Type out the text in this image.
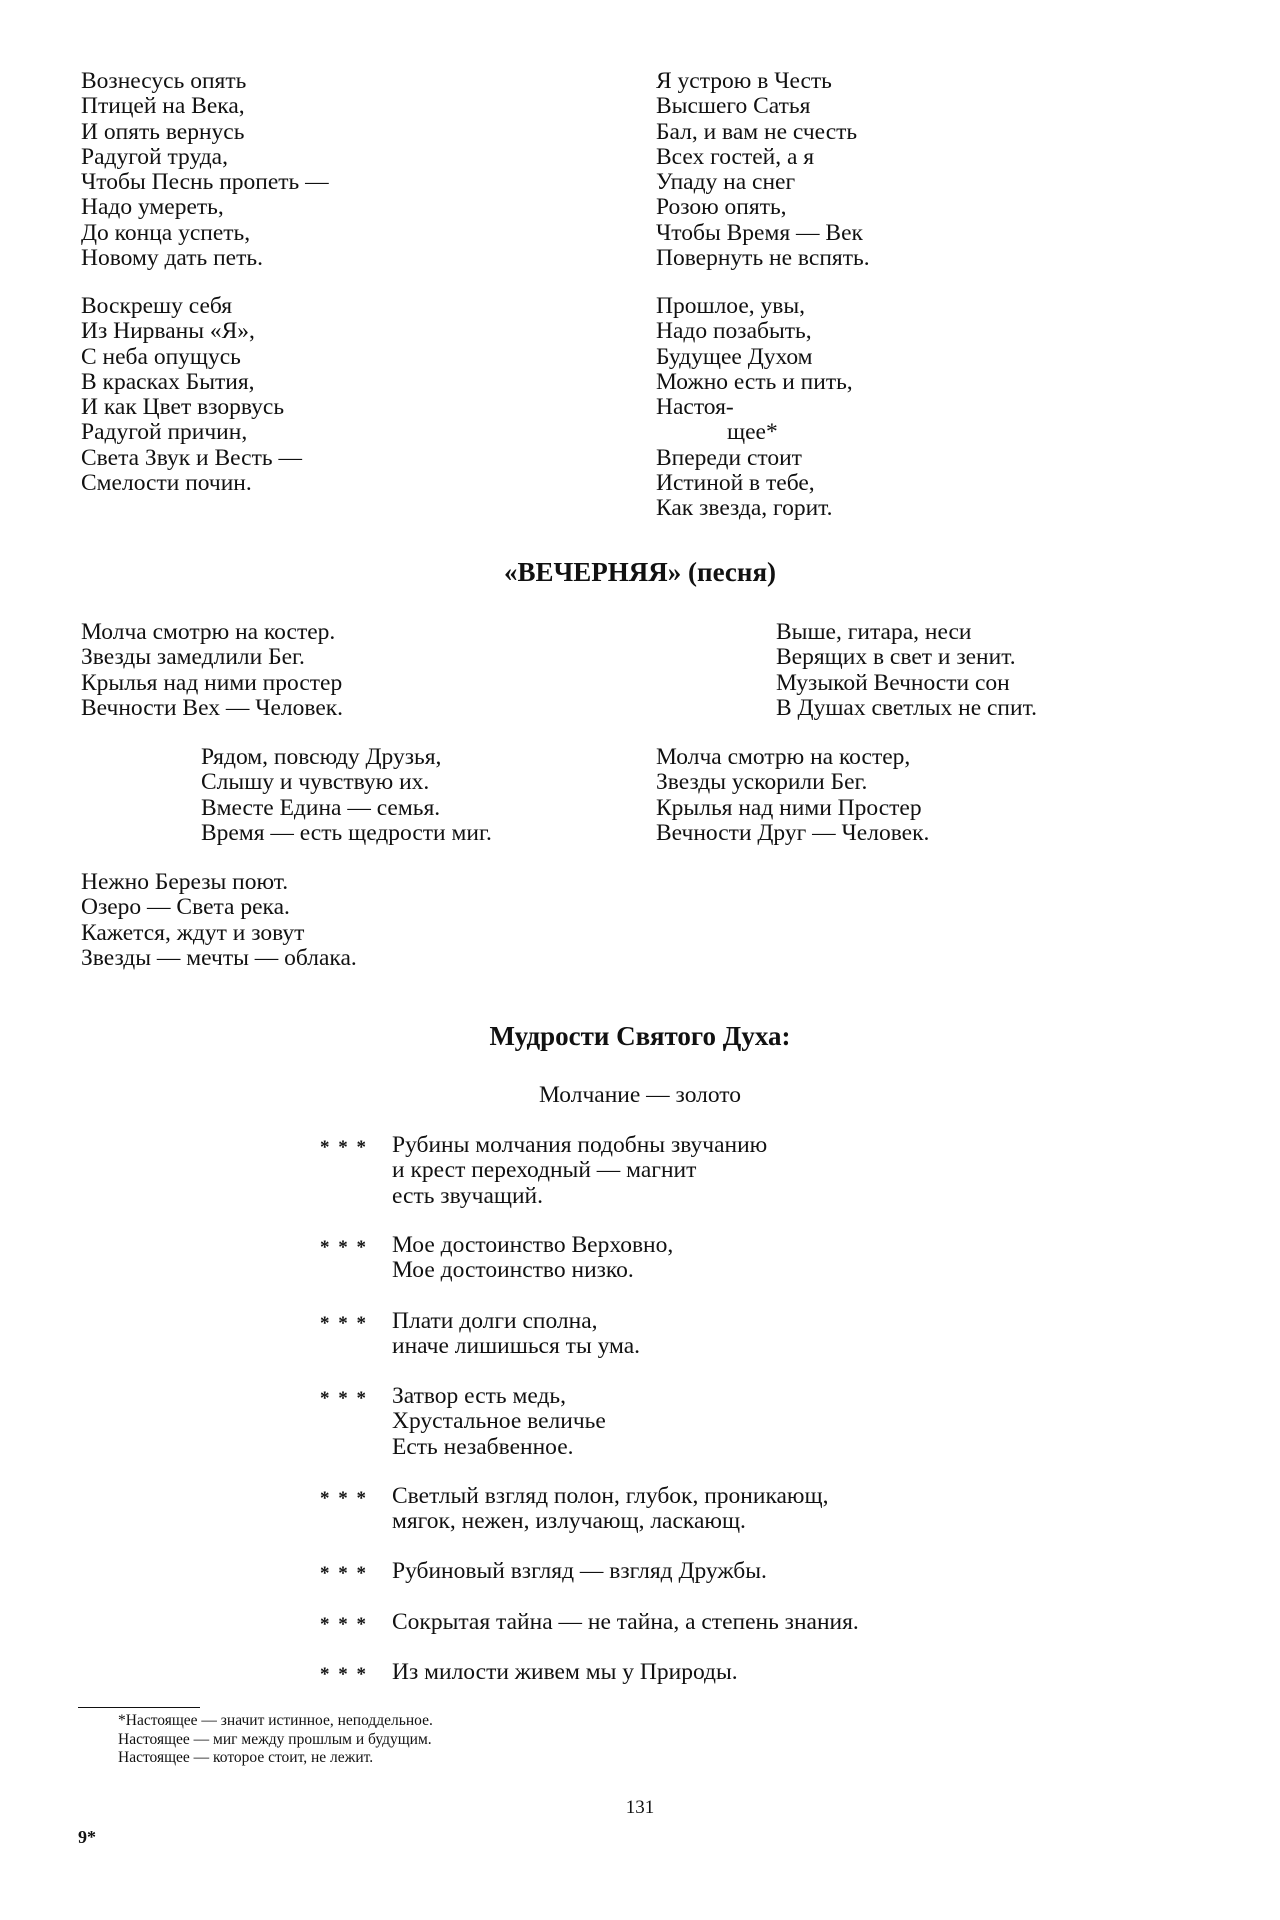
Вознесусь опять
Птицей на Века,
И опять вернусь
Радугой труда,
Чтобы Песнь пропеть —
Надо умереть,
До конца успеть,
Новому дать петь.
Воскрешу себя
Из Нирваны «Я»,
С неба опущусь
В красках Бытия,
И как Цвет взорвусь
Радугой причин,
Света Звук и Весть —
Смелости почин.
Я устрою в Честь
Высшего Сатья
Бал, и вам не счесть
Всех гостей, а я
Упаду на снег
Розою опять,
Чтобы Время — Век
Повернуть не вспять.
Прошлое, увы,
Надо позабыть,
Будущее Духом
Можно есть и пить,
Настоя-
щее*
Впереди стоит
Истиной в тебе,
Как звезда, горит.
«ВЕЧЕРНЯЯ» (песня)
Молча смотрю на костер.
Звезды замедлили Бег.
Крылья над ними простер
Вечности Вех — Человек.
Рядом, повсюду Друзья,
Слышу и чувствую их.
Вместе Едина — семья.
Время — есть щедрости миг.
Нежно Березы поют.
Озеро — Света река.
Кажется, ждут и зовут
Звезды — мечты — облака.
Выше, гитара, неси
Верящих в свет и зенит.
Музыкой Вечности сон
В Душах светлых не спит.
Молча смотрю на костер,
Звезды ускорили Бег.
Крылья над ними Простер
Вечности Друг — Человек.
Мудрости Святого Духа:
Молчание — золото
* * * Рубины молчания подобны звучанию
и крест переходный — магнит
есть звучащий.
* * * Мое достоинство Верховно,
Мое достоинство низко.
* * * Плати долги сполна,
иначе лишишься ты ума.
* * * Затвор есть медь,
Хрустальное величье
Есть незабвенное.
* * * Светлый взгляд полон, глубок, проникающ,
мягок, нежен, излучающ, ласкающ.
* * * Рубиновый взгляд — взгляд Дружбы.
* * * Сокрытая тайна — не тайна, а степень знания.
* * * Из милости живем мы у Природы.
*Настоящее — значит истинное, неподдельное.
Настоящее — миг между прошлым и будущим.
Настоящее — которое стоит, не лежит.
131
9*
